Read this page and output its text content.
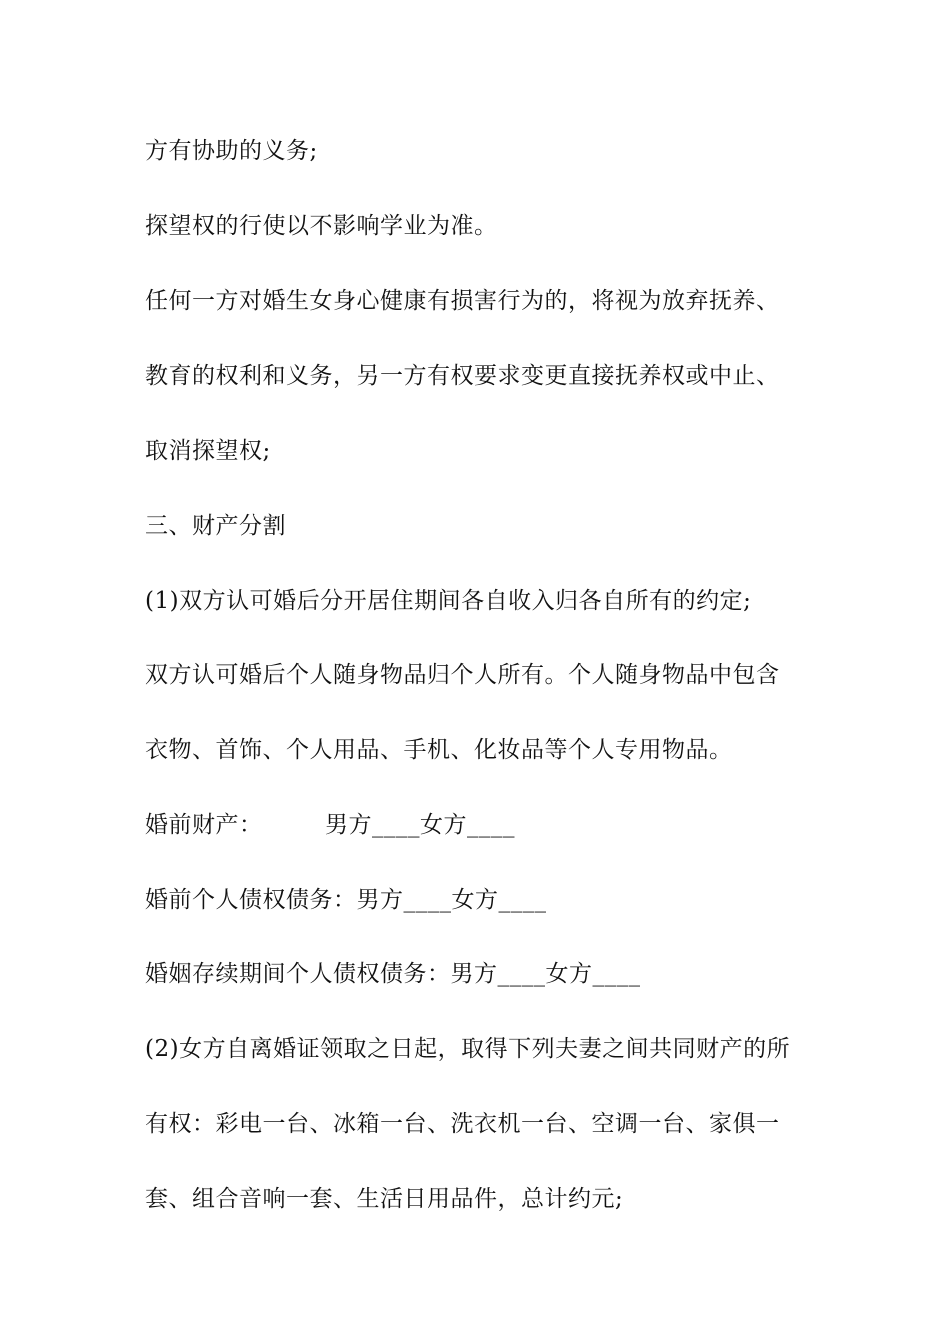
方有协助的义务;

探望权的行使以不影响学业为准。

任何一方对婚生女身心健康有损害行为的，将视为放弃抚养、

教育的权利和义务，另一方有权要求变更直接抚养权或中止、

取消探望权;

三、财产分割

(1)双方认可婚后分开居住期间各自收入归各自所有的约定;

双方认可婚后个人随身物品归个人所有。个人随身物品中包含

衣物、首饰、个人用品、手机、化妆品等个人专用物品。

婚前财产：        男方____女方____

婚前个人债权债务：男方____女方____

婚姻存续期间个人债权债务：男方____女方____

(2)女方自离婚证领取之日起，取得下列夫妻之间共同财产的所

有权：彩电一台、冰箱一台、洗衣机一台、空调一台、家俱一

套、组合音响一套、生活日用品件，总计约元;
